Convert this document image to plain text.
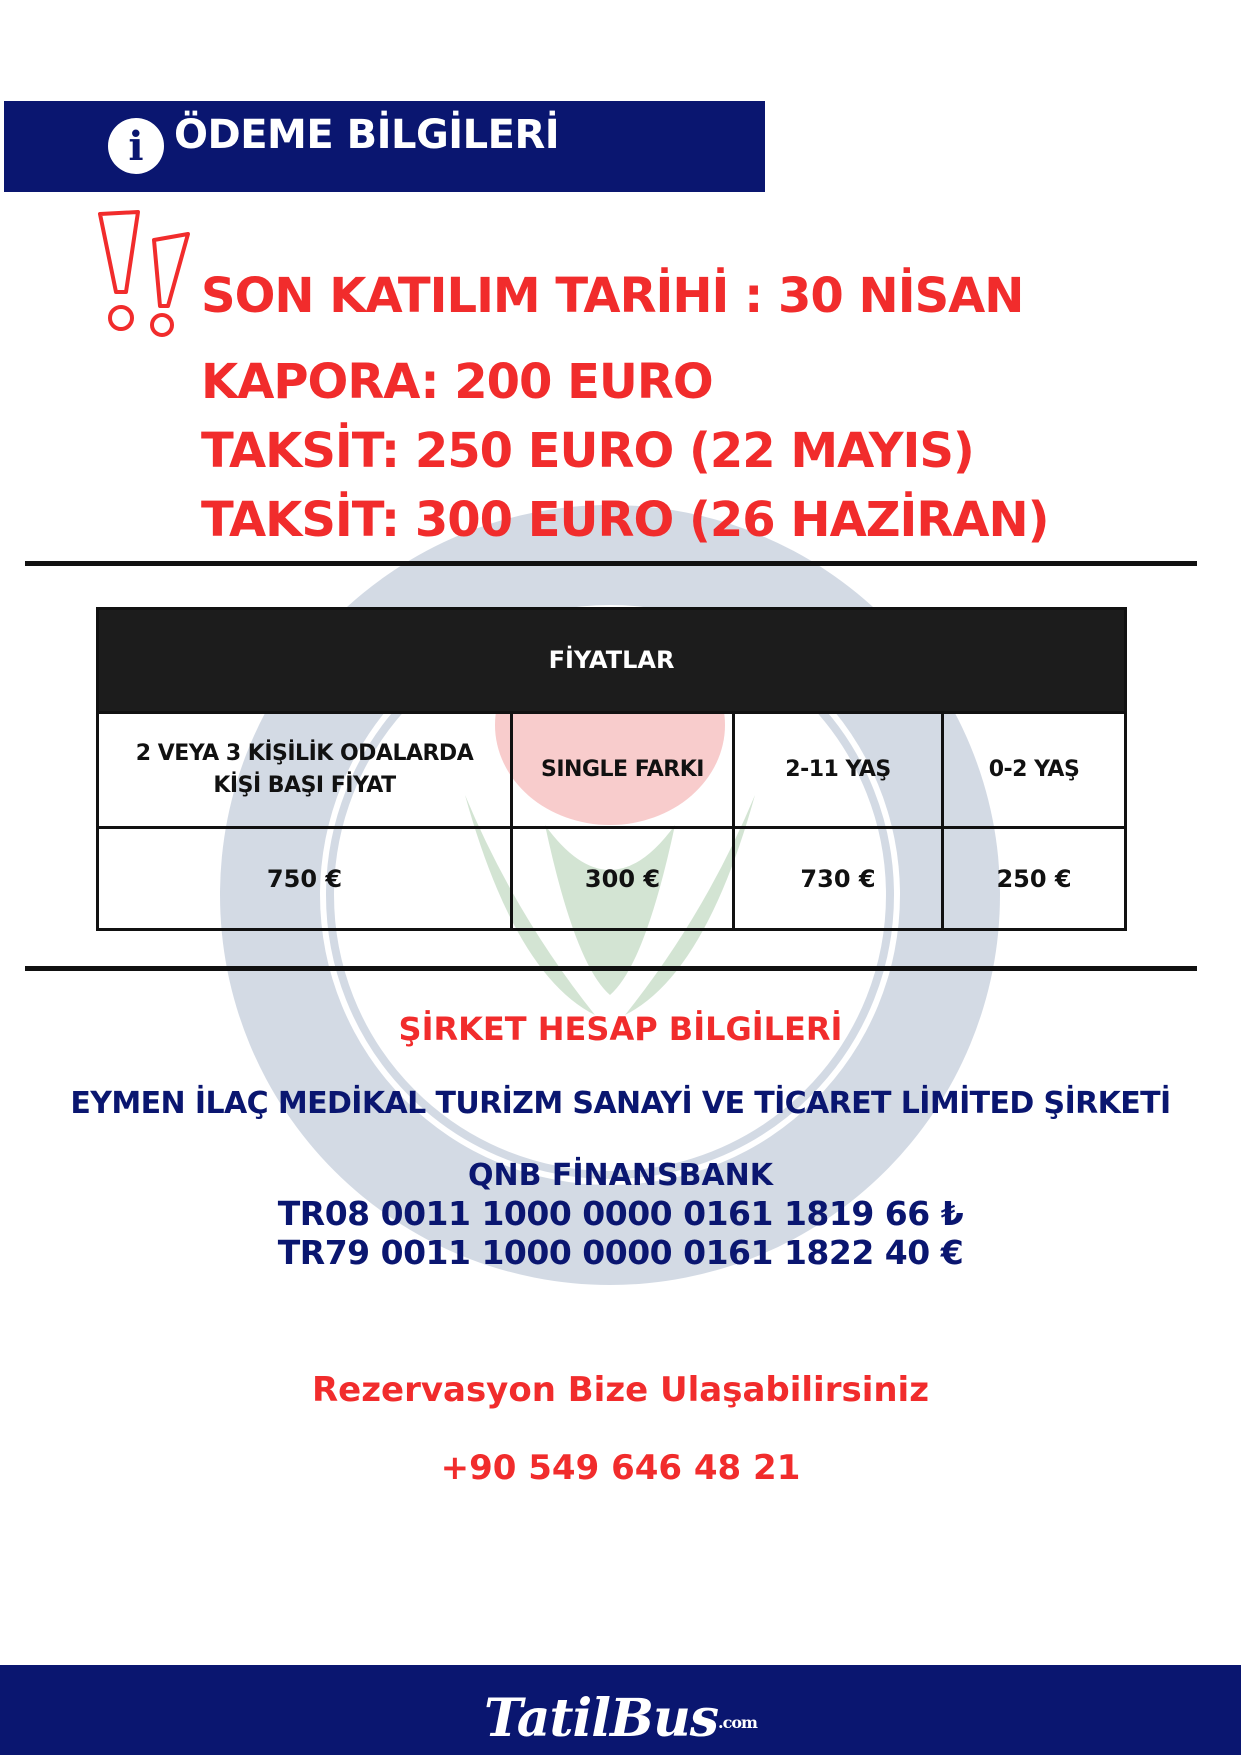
i ÖDEME BİLGİLERİ
SON KATILIM TARİHİ : 30 NİSAN
KAPORA: 200 EURO
TAKSİT: 250 EURO (22 MAYIS)
TAKSİT: 300 EURO (26 HAZİRAN)
FİYATLAR			

2 VEYA 3 KİŞİLİK ODALARDA
KİŞİ BAŞI FİYAT	SINGLE FARKI	2-11 YAŞ	0-2 YAŞ
750 €	300 €	730 €	250 €
ŞİRKET HESAP BİLGİLERİ
EYMEN İLAÇ MEDİKAL TURİZM SANAYİ VE TİCARET LİMİTED ŞİRKETİ
QNB FİNANSBANK
TR08 0011 1000 0000 0161 1819 66 ₺
TR79 0011 1000 0000 0161 1822 40 €
Rezervasyon Bize Ulaşabilirsiniz
+90 549 646 48 21
TatilBus.com
